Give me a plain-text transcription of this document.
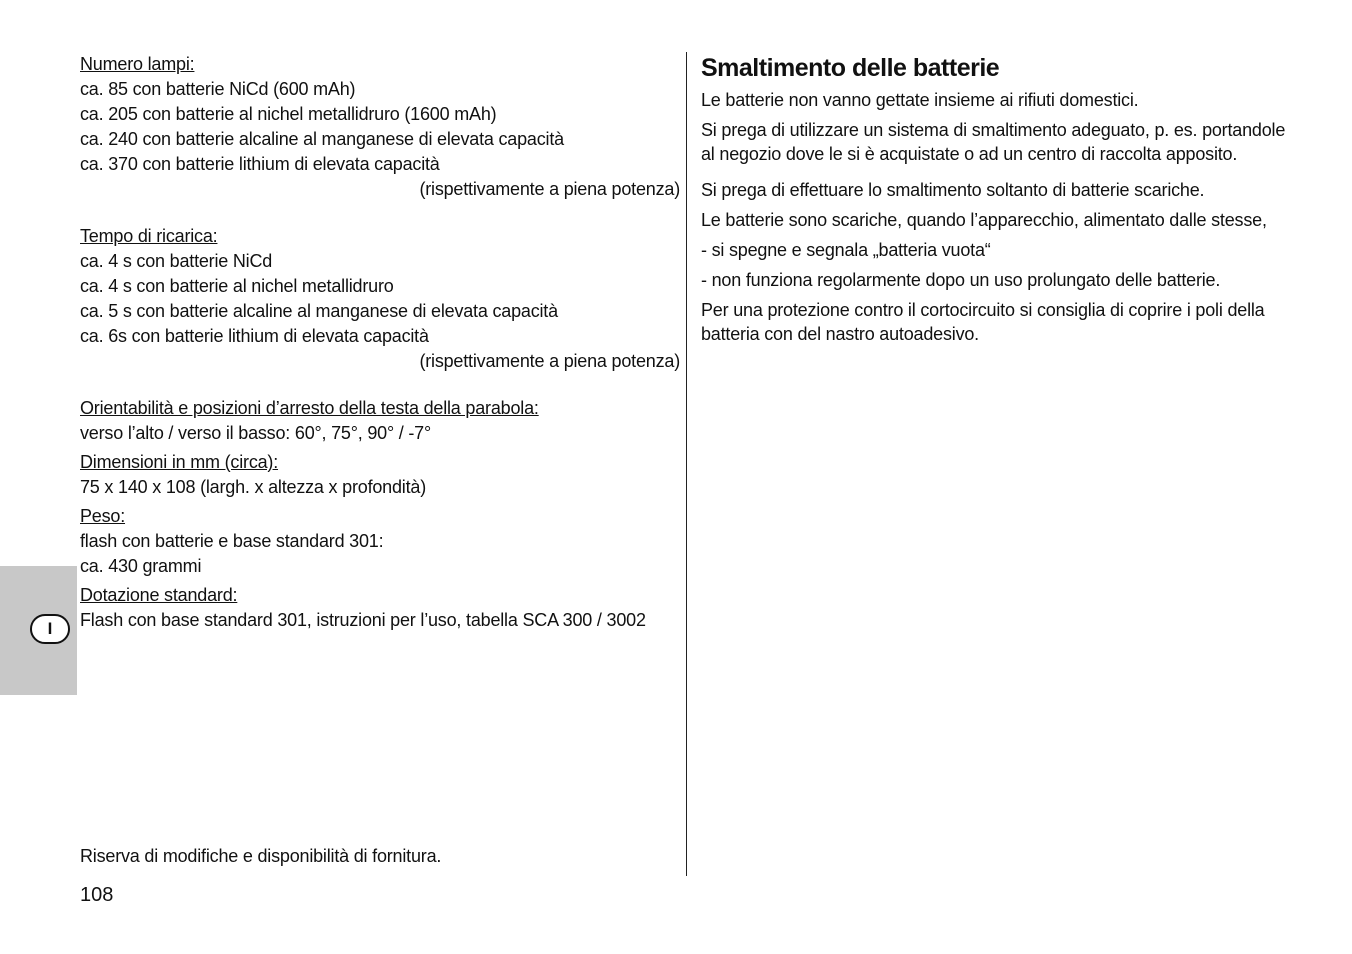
I
Numero lampi:
ca. 85 con batterie NiCd (600 mAh)
ca. 205 con batterie al nichel metallidruro (1600 mAh)
ca. 240 con batterie alcaline al manganese di elevata capacità
ca. 370 con batterie lithium di elevata capacità
(rispettivamente a piena potenza)
Tempo di ricarica:
ca. 4 s con batterie NiCd
ca. 4 s con batterie al nichel metallidruro
ca. 5 s con batterie alcaline al manganese di elevata capacità
ca. 6s con batterie lithium di elevata capacità
(rispettivamente a piena potenza)
Orientabilità e posizioni d’arresto della testa della parabola:
verso l’alto / verso il basso: 60°, 75°, 90° / -7°
Dimensioni in mm (circa):
75 x 140 x 108 (largh. x altezza x profondità)
Peso:
flash con batterie e base standard 301:
ca. 430 grammi
Dotazione standard:
Flash con base standard 301, istruzioni per l’uso, tabella SCA 300 / 3002
Smaltimento delle batterie
Le batterie non vanno gettate insieme ai rifiuti domestici.
Si prega di utilizzare un sistema di smaltimento adeguato, p. es. portandole al negozio dove le si è acquistate o ad un centro di raccolta apposito.
Si prega di effettuare lo smaltimento soltanto di batterie scariche.
Le batterie sono scariche, quando l’apparecchio, alimentato dalle stesse,
- si spegne e segnala „batteria vuota“
- non funziona regolarmente dopo un uso prolungato delle batterie.
Per una protezione contro il cortocircuito si consiglia di coprire i poli della batteria con del nastro autoadesivo.
Riserva di modifiche e disponibilità di fornitura.
108
